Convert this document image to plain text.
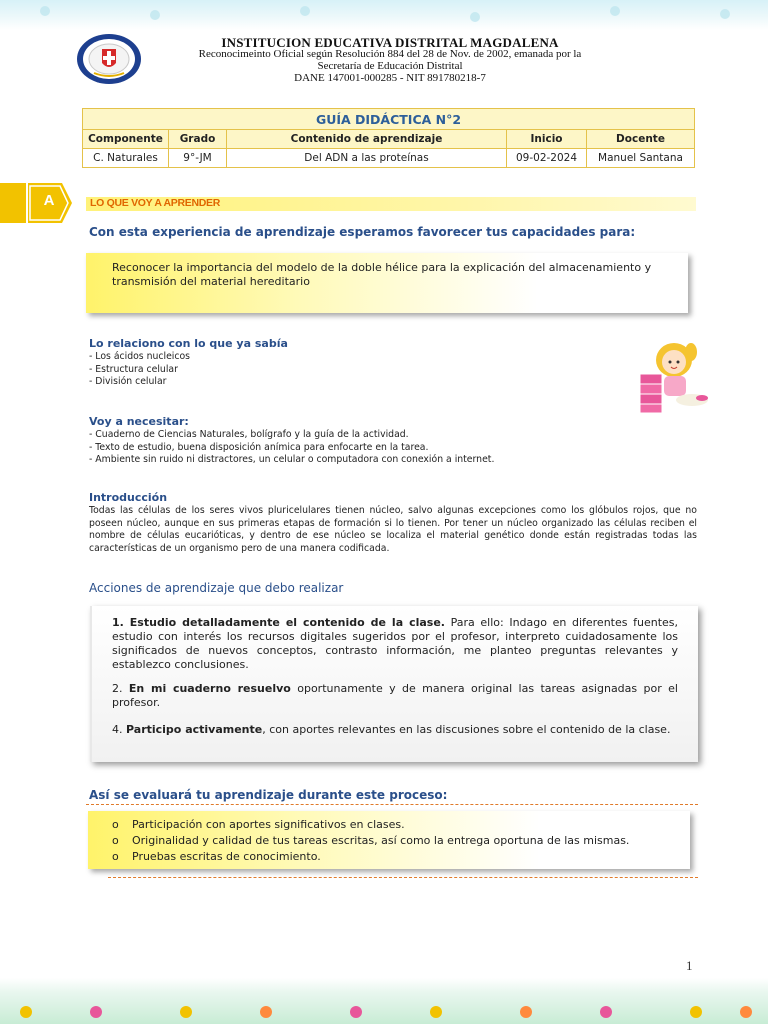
INSTITUCION EDUCATIVA DISTRITAL MAGDALENA
Reconocimeinto Oficial según Resolución 884 del 28 de Nov. de 2002, emanada por la
Secretaría de Educación Distrital
DANE 147001-000285 - NIT 891780218-7
GUÍA DIDÁCTICA N°2				
Componente	Grado	Contenido de aprendizaje	Inicio	Docente
C. Naturales	9°-JM	Del ADN a las proteínas	09-02-2024	Manuel Santana
A	LO QUE VOY A APRENDER
Con esta experiencia de aprendizaje esperamos favorecer tus capacidades para:

Reconocer la importancia del modelo de la doble hélice para la explicación del almacenamiento y transmisión del material hereditario

Lo relaciono con lo que ya sabía
- Los ácidos nucleicos
- Estructura celular
- División celular
Voy a necesitar:
- Cuaderno de Ciencias Naturales, bolígrafo y la guía de la actividad.
- Texto de estudio, buena disposición anímica para enfocarte en la tarea.
- Ambiente sin ruido ni distractores, un celular o computadora con conexión a internet.
Introducción

Todas las células de los seres vivos pluricelulares tienen núcleo, salvo algunas excepciones como los glóbulos rojos, que no poseen núcleo, aunque en sus primeras etapas de formación si lo tienen. Por tener un núcleo organizado las células reciben el nombre de células eucarióticas, y dentro de ese núcleo se localiza el material genético donde están registradas todas las características de un organismo pero de una manera codificada.

Acciones de aprendizaje que debo realizar

1. Estudio detalladamente el contenido de la clase. Para ello: Indago en diferentes fuentes, estudio con interés los recursos digitales sugeridos por el profesor, interpreto cuidadosamente los significados de nuevos conceptos, contrasto información, me planteo preguntas relevantes y establezco conclusiones.

2. En mi cuaderno resuelvo oportunamente y de manera original las tareas asignadas por el profesor.

4. Participo activamente, con aportes relevantes en las discusiones sobre el contenido de la clase.

Así se evaluará tu aprendizaje durante este proceso:
o Participación con aportes significativos en clases.
o Originalidad y calidad de tus tareas escritas, así como la entrega oportuna de las mismas.
o Pruebas escritas de conocimiento.
1
